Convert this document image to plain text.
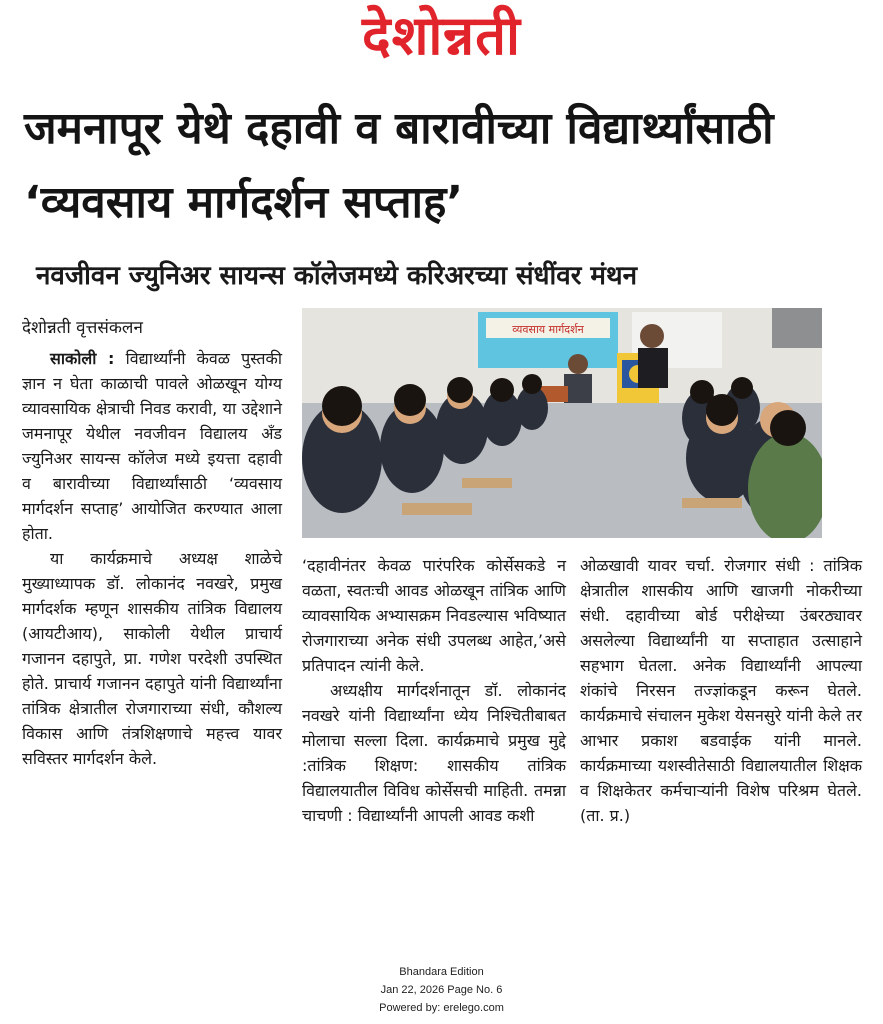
देशोन्नती
जमनापूर येथे दहावी व बारावीच्या विद्यार्थ्यांसाठी ‘व्यवसाय मार्गदर्शन सप्ताह’
नवजीवन ज्युनिअर सायन्स कॉलेजमध्ये करिअरच्या संधींवर मंथन
देशोन्नती वृत्तसंकलन	व्यवसाय मार्गदर्शन

साकोली : विद्यार्थ्यांनी केवळ पुस्तकी ज्ञान न घेता काळाची पावले ओळखून योग्य व्यावसायिक क्षेत्राची निवड करावी, या उद्देशाने जमनापूर येथील नवजीवन विद्यालय अँड ज्युनिअर सायन्स कॉलेज मध्ये इयत्ता दहावी व बारावीच्या विद्यार्थ्यांसाठी ‘व्यवसाय मार्गदर्शन सप्ताह’ आयोजित करण्यात आला होता.

या कार्यक्रमाचे अध्यक्ष शाळेचे मुख्याध्यापक डॉ. लोकानंद नवखरे, प्रमुख मार्गदर्शक म्हणून शासकीय तांत्रिक विद्यालय (आयटीआय), साकोली येथील प्राचार्य गजानन दहापुते, प्रा. गणेश परदेशी उपस्थित होते. प्राचार्य गजानन दहापुते यांनी विद्यार्थ्यांना तांत्रिक क्षेत्रातील रोजगाराच्या संधी, कौशल्य विकास आणि तंत्रशिक्षणाचे महत्त्व यावर सविस्तर मार्गदर्शन केले.

‘दहावीनंतर केवळ पारंपरिक कोर्सेसकडे न वळता, स्वतःची आवड ओळखून तांत्रिक आणि व्यावसायिक अभ्यासक्रम निवडल्यास भविष्यात रोजगाराच्या अनेक संधी उपलब्ध आहेत,’असे प्रतिपादन त्यांनी केले.

अध्यक्षीय मार्गदर्शनातून डॉ. लोकानंद नवखरे यांनी विद्यार्थ्यांना ध्येय निश्चितीबाबत मोलाचा सल्ला दिला. कार्यक्रमाचे प्रमुख मुद्दे :तांत्रिक शिक्षण: शासकीय तांत्रिक विद्यालयातील विविध कोर्सेसची माहिती. तमन्ना चाचणी : विद्यार्थ्यांनी आपली आवड कशी

ओळखावी यावर चर्चा. रोजगार संधी : तांत्रिक क्षेत्रातील शासकीय आणि खाजगी नोकरीच्या संधी. दहावीच्या बोर्ड परीक्षेच्या उंबरठ्यावर असलेल्या विद्यार्थ्यांनी या सप्ताहात उत्साहाने सहभाग घेतला. अनेक विद्यार्थ्यांनी आपल्या शंकांचे निरसन तज्ज्ञांकडून करून घेतले. कार्यक्रमाचे संचालन मुकेश येसनसुरे यांनी केले तर आभार प्रकाश बडवाईक यांनी मानले. कार्यक्रमाच्या यशस्वीतेसाठी विद्यालयातील शिक्षक व शिक्षकेतर कर्मचाऱ्यांनी विशेष परिश्रम घेतले. (ता. प्र.)

Bhandara Edition
Jan 22, 2026 Page No. 6
Powered by: erelego.com
